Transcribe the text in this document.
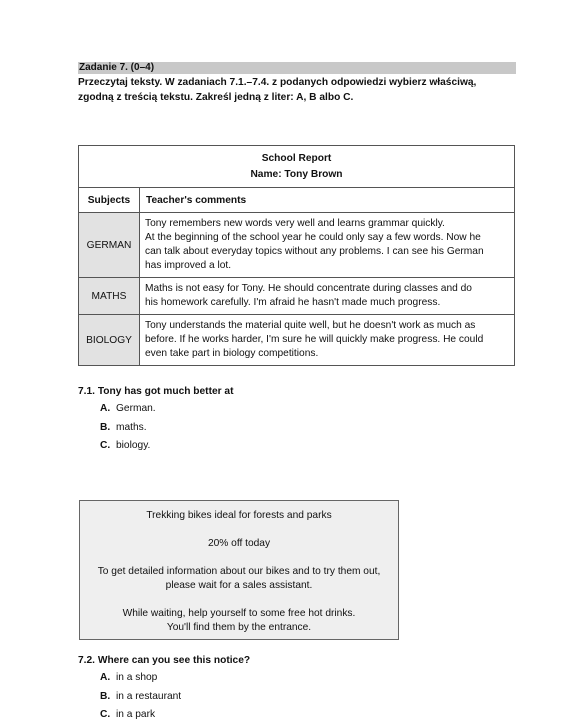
Zadanie 7. (0–4)
Przeczytaj teksty. W zadaniach 7.1.–7.4. z podanych odpowiedzi wybierz właściwą,
zgodną z treścią tekstu. Zakreśl jedną z liter: A, B albo C.
School Report
Name: Tony Brown	

Subjects	Teacher's comments
GERMAN	Tony remembers new words very well and learns grammar quickly.
At the beginning of the school year he could only say a few words. Now he
can talk about everyday topics without any problems. I can see his German
has improved a lot.

MATHS	Maths is not easy for Tony. He should concentrate during classes and do
his homework carefully. I'm afraid he hasn't made much progress.

BIOLOGY	Tony understands the material quite well, but he doesn't work as much as
before. If he works harder, I'm sure he will quickly make progress. He could
even take part in biology competitions.
7.1. Tony has got much better at
A. German.
B. maths.
C. biology.

Trekking bikes ideal for forests and parks

20% off today

To get detailed information about our bikes and to try them out,

please wait for a sales assistant.

While waiting, help yourself to some free hot drinks.

You'll find them by the entrance.

7.2. Where can you see this notice?
A. in a shop
B. in a restaurant
C. in a park
